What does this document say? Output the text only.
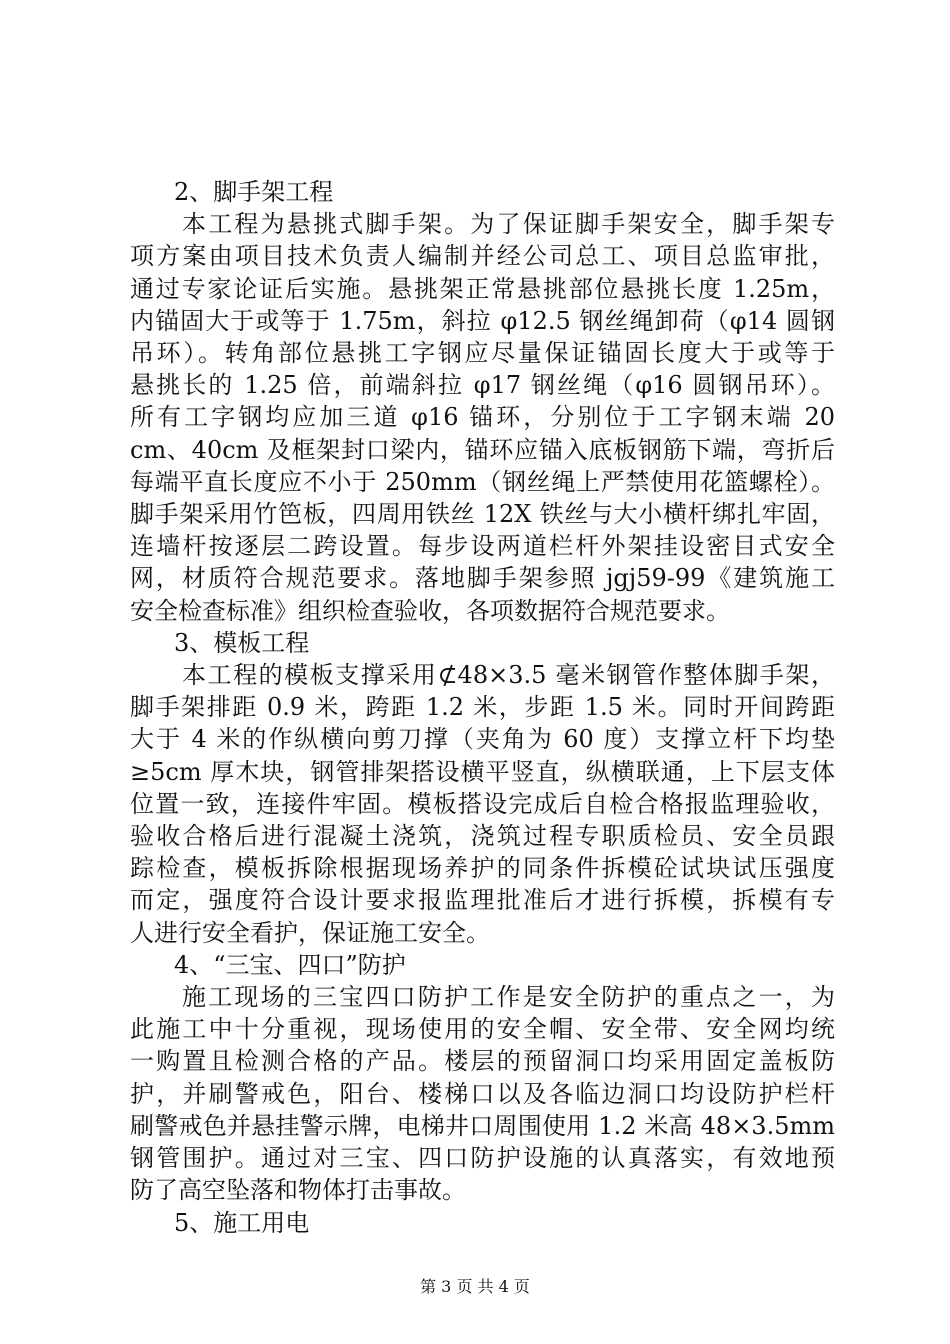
2、脚手架工程

本工程为悬挑式脚手架。为了保证脚手架安全，脚手架专
项方案由项目技术负责人编制并经公司总工、项目总监审批，
通过专家论证后实施。悬挑架正常悬挑部位悬挑长度 1.25m，
内锚固大于或等于 1.75m，斜拉 φ12.5 钢丝绳卸荷（φ14 圆钢
吊环）。转角部位悬挑工字钢应尽量保证锚固长度大于或等于
悬挑长的 1.25 倍，前端斜拉 φ17 钢丝绳（φ16 圆钢吊环）。
所有工字钢均应加三道 φ16 锚环，分别位于工字钢末端 20
cm、40cm 及框架封口梁内，锚环应锚入底板钢筋下端，弯折后
每端平直长度应不小于 250mm（钢丝绳上严禁使用花篮螺栓）。
脚手架采用竹笆板，四周用铁丝 12X 铁丝与大小横杆绑扎牢固，
连墙杆按逐层二跨设置。每步设两道栏杆外架挂设密目式安全
网，材质符合规范要求。落地脚手架参照 jgj59-99《建筑施工
安全检查标准》组织检查验收，各项数据符合规范要求。

3、模板工程

本工程的模板支撑采用⊄48×3.5 毫米钢管作整体脚手架，
脚手架排距 0.9 米，跨距 1.2 米，步距 1.5 米。同时开间跨距
大于 4 米的作纵横向剪刀撑（夹角为 60 度）支撑立杆下均垫
≥5cm 厚木块，钢管排架搭设横平竖直，纵横联通，上下层支体
位置一致，连接件牢固。模板搭设完成后自检合格报监理验收，
验收合格后进行混凝土浇筑，浇筑过程专职质检员、安全员跟
踪检查，模板拆除根据现场养护的同条件拆模砼试块试压强度
而定，强度符合设计要求报监理批准后才进行拆模，拆模有专
人进行安全看护，保证施工安全。

4、“三宝、四口”防护

施工现场的三宝四口防护工作是安全防护的重点之一，为
此施工中十分重视，现场使用的安全帽、安全带、安全网均统
一购置且检测合格的产品。楼层的预留洞口均采用固定盖板防
护，并刷警戒色，阳台、楼梯口以及各临边洞口均设防护栏杆
刷警戒色并悬挂警示牌，电梯井口周围使用 1.2 米高 48×3.5mm
钢管围护。通过对三宝、四口防护设施的认真落实，有效地预
防了高空坠落和物体打击事故。

5、施工用电

第 3 页 共 4 页
